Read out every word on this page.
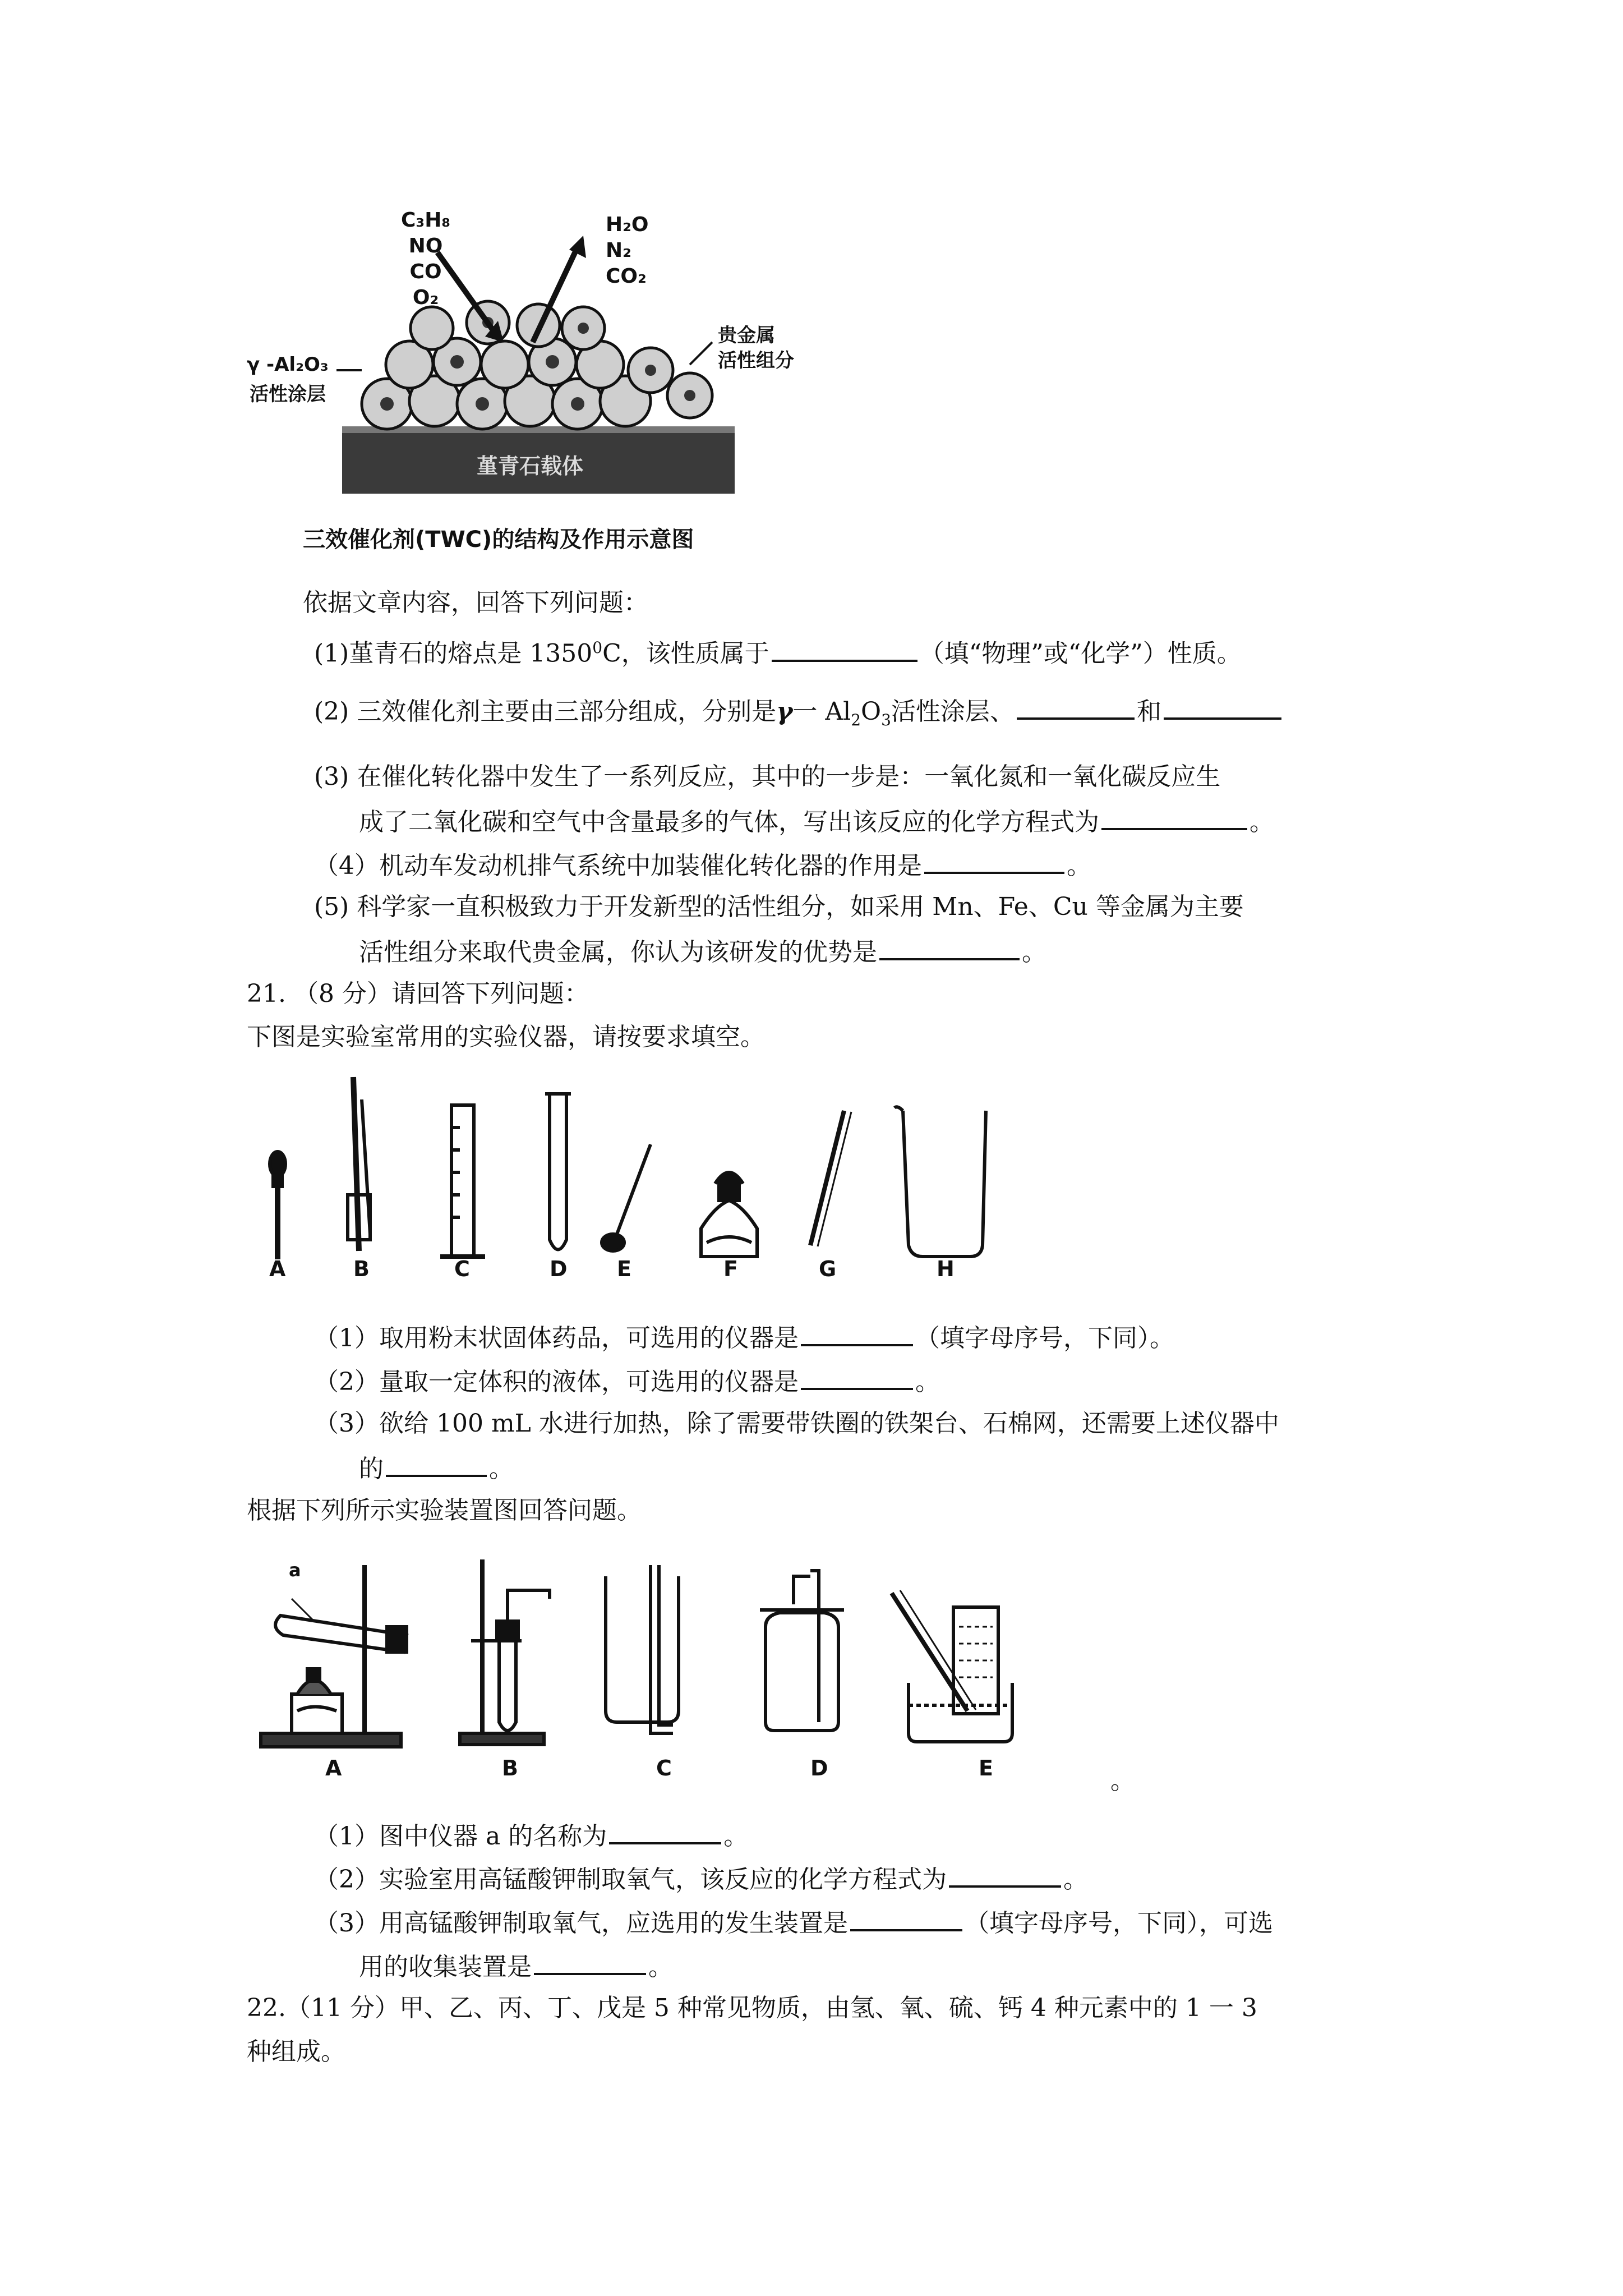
C₃H₈
NO
CO
O₂
H₂O
N₂
CO₂
γ -Al₂O₃
活性涂层
贵金属
活性组分
堇青石载体
三效催化剂(TWC)的结构及作用示意图
依据文章内容，回答下列问题：
(1)堇青石的熔点是 1350$^0$C，该性质属于	（填“物理”或“化学”）性质。
(2) 三效催化剂主要由三部分组成，分别是γ一 $Al_2O_3$活性涂层、	和
(3) 在催化转化器中发生了一系列反应，其中的一步是：一氧化氮和一氧化碳反应生
成了二氧化碳和空气中含量最多的气体，写出该反应的化学方程式为	。
（4）机动车发动机排气系统中加装催化转化器的作用是	。
(5) 科学家一直积极致力于开发新型的活性组分，如采用 Mn、Fe、Cu 等金属为主要
活性组分来取代贵金属，你认为该研发的优势是	。
21. （8 分）请回答下列问题：
下图是实验室常用的实验仪器，请按要求填空。
A	B	C	D E	F	G	H
（1）取用粉末状固体药品，可选用的仪器是	（填字母序号，下同）。
（2）量取一定体积的液体，可选用的仪器是	。
（3）欲给 100 mL 水进行加热，除了需要带铁圈的铁架台、石棉网，还需要上述仪器中
的	。
根据下列所示实验装置图回答问题。
a
A	B	C	D	E	。
（1）图中仪器 a 的名称为	。
（2）实验室用高锰酸钾制取氧气，该反应的化学方程式为	。
（3）用高锰酸钾制取氧气，应选用的发生装置是	（填字母序号，下同），可选
用的收集装置是	。
22.（11 分）甲、乙、丙、丁、戊是 5 种常见物质，由氢、氧、硫、钙 4 种元素中的 1 一 3
种组成。
